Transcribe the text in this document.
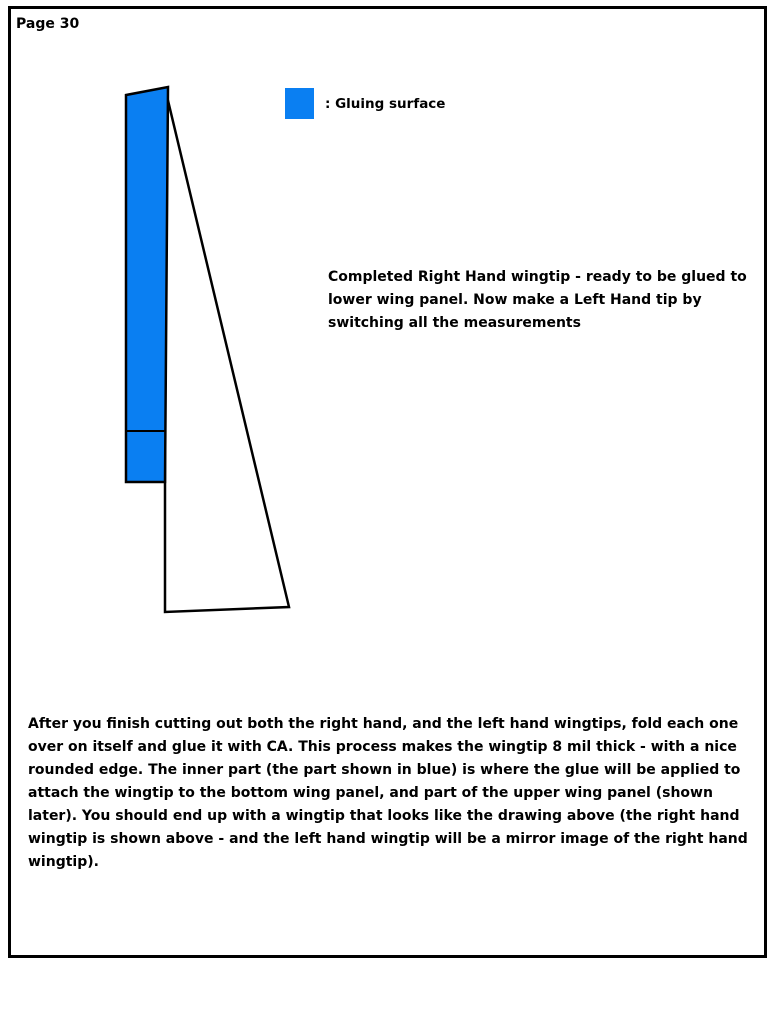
Page 30
: Gluing surface
Completed Right Hand wingtip - ready to be glued to lower wing panel. Now make a Left Hand tip by switching all the measurements
After you finish cutting out both the right hand, and the left hand wingtips, fold each one over on itself and glue it with CA. This process makes the wingtip 8 mil thick - with a nice rounded edge. The inner part (the part shown in blue) is where the glue will be applied to attach the wingtip to the bottom wing panel, and part of the upper wing panel (shown later). You should end up with a wingtip that looks like the drawing above (the right hand wingtip is shown above - and the left hand wingtip will be a mirror image of the right hand wingtip).
